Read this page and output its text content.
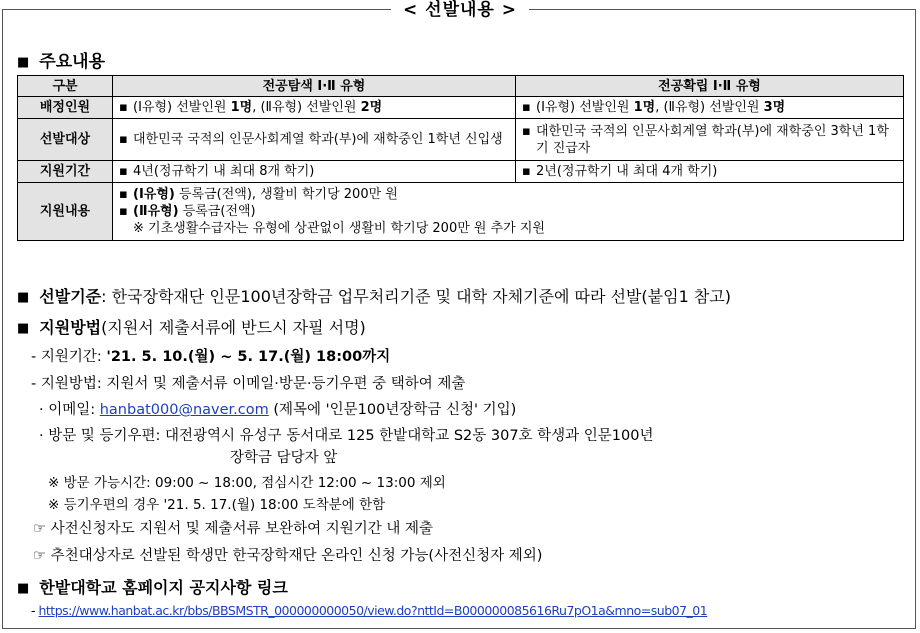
< 선발내용 >
■ 주요내용
구분	전공탐색 Ⅰ·Ⅱ 유형	전공확립 Ⅰ·Ⅱ 유형
배정인원	▪ (Ⅰ유형) 선발인원 1명, (Ⅱ유형) 선발인원 2명	▪ (Ⅰ유형) 선발인원 1명, (Ⅱ유형) 선발인원 3명
선발대상	▪ 대한민국 국적의 인문사회계열 학과(부)에 재학중인 1학년 신입생	▪ 대한민국 국적의 인문사회계열 학과(부)에 재학중인 3학년 1학기 진급자

지원기간	▪ 4년(정규학기 내 최대 8개 학기)	▪ 2년(정규학기 내 최대 4개 학기)
지원내용	▪ (Ⅰ유형) 등록금(전액), 생활비 학기당 200만 원
▪ (Ⅱ유형) 등록금(전액)
※ 기초생활수급자는 유형에 상관없이 생활비 학기당 200만 원 추가 지원	
■ 선발기준: 한국장학재단 인문100년장학금 업무처리기준 및 대학 자체기준에 따라 선발(붙임1 참고)
■ 지원방법(지원서 제출서류에 반드시 자필 서명)
- 지원기간: '21. 5. 10.(월) ~ 5. 17.(월) 18:00까지
- 지원방법: 지원서 및 제출서류 이메일·방문·등기우편 중 택하여 제출
· 이메일: hanbat000@naver.com (제목에 '인문100년장학금 신청' 기입)
· 방문 및 등기우편: 대전광역시 유성구 동서대로 125 한밭대학교 S2동 307호 학생과 인문100년
장학금 담당자 앞
※ 방문 가능시간: 09:00 ~ 18:00, 점심시간 12:00 ~ 13:00 제외
※ 등기우편의 경우 '21. 5. 17.(월) 18:00 도착분에 한함
☞ 사전신청자도 지원서 및 제출서류 보완하여 지원기간 내 제출
☞ 추천대상자로 선발된 학생만 한국장학재단 온라인 신청 가능(사전신청자 제외)
■ 한밭대학교 홈페이지 공지사항 링크
- https://www.hanbat.ac.kr/bbs/BBSMSTR_000000000050/view.do?nttId=B000000085616Ru7pO1a&mno=sub07_01
